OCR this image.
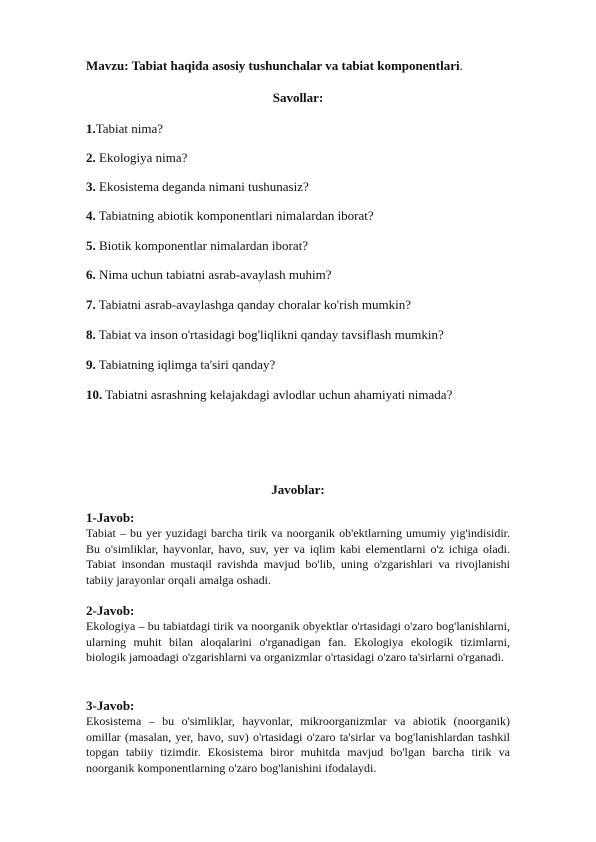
Mavzu: Tabiat haqida asosiy tushunchalar va tabiat komponentlari.
Savollar:
1.Tabiat nima?
2. Ekologiya nima?
3. Ekosistema deganda nimani tushunasiz?
4. Tabiatning abiotik komponentlari nimalardan iborat?
5. Biotik komponentlar nimalardan iborat?
6. Nima uchun tabiatni asrab-avaylash muhim?
7. Tabiatni asrab-avaylashga qanday choralar ko'rish mumkin?
8. Tabiat va inson o'rtasidagi bog'liqlikni qanday tavsiflash mumkin?
9. Tabiatning iqlimga ta'siri qanday?
10. Tabiatni asrashning kelajakdagi avlodlar uchun ahamiyati nimada?
Javoblar:
1-Javob:
Tabiat – bu yer yuzidagi barcha tirik va noorganik ob'ektlarning umumiy yig'indisidir. Bu o'simliklar, hayvonlar, havo, suv, yer va iqlim kabi elementlarni o'z ichiga oladi. Tabiat insondan mustaqil ravishda mavjud bo'lib, uning o'zgarishlari va rivojlanishi tabiiy jarayonlar orqali amalga oshadi.
2-Javob:
Ekologiya – bu tabiatdagi tirik va noorganik obyektlar o'rtasidagi o'zaro bog'lanishlarni, ularning muhit bilan aloqalarini o'rganadigan fan. Ekologiya ekologik tizimlarni, biologik jamoadagi o'zgarishlarni va organizmlar o'rtasidagi o'zaro ta'sirlarni o'rganadi.
3-Javob:
Ekosistema – bu o'simliklar, hayvonlar, mikroorganizmlar va abiotik (noorganik) omillar (masalan, yer, havo, suv) o'rtasidagi o'zaro ta'sirlar va bog'lanishlardan tashkil topgan tabiiy tizimdir. Ekosistema biror muhitda mavjud bo'lgan barcha tirik va noorganik komponentlarning o'zaro bog'lanishini ifodalaydi.
